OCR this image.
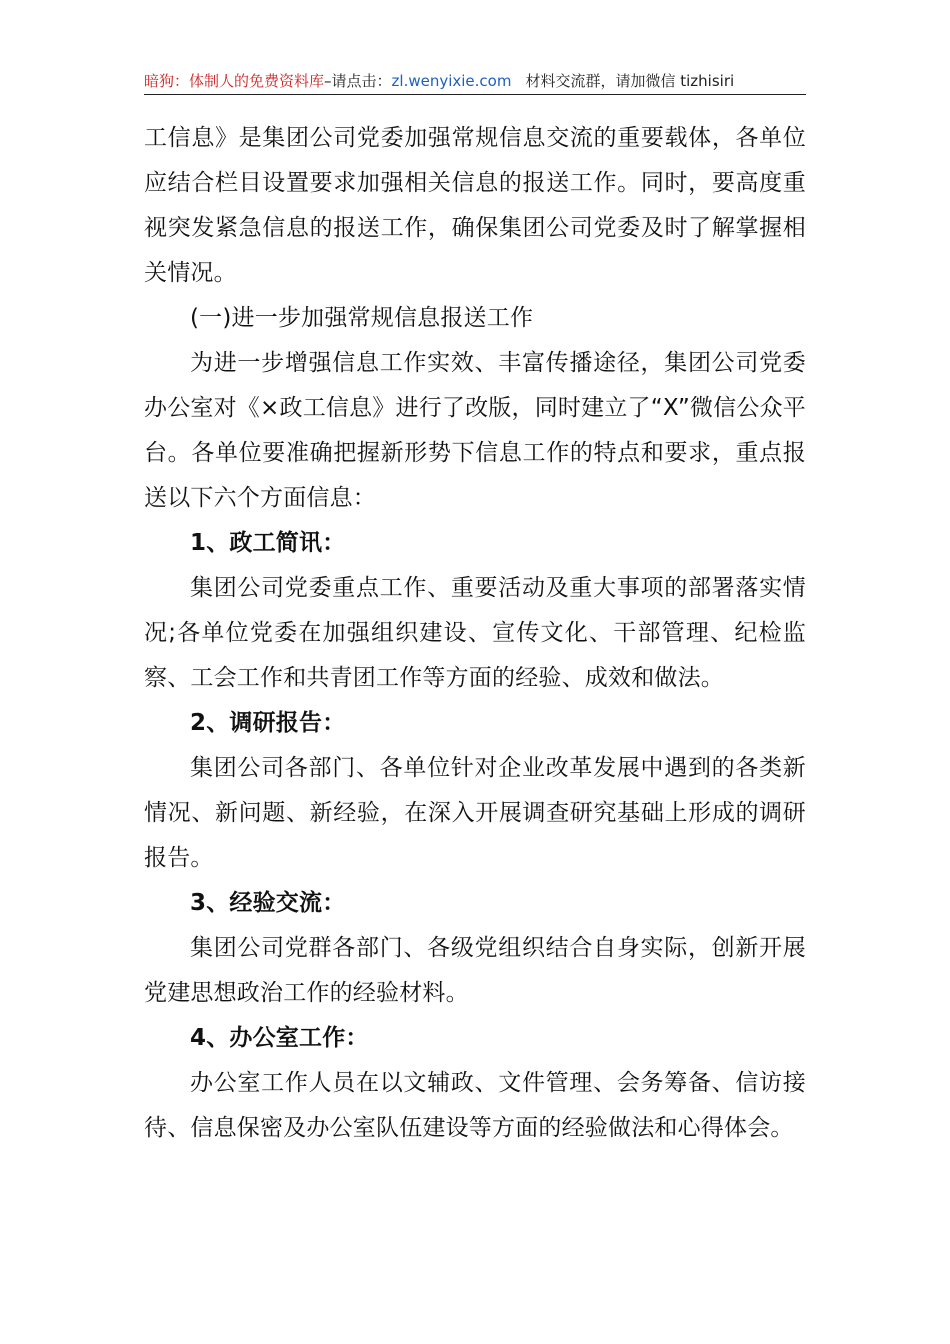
暗狗：体制人的免费资料库–请点击：zl.wenyixie.com 材料交流群，请加微信 tizhisiri

工信息》是集团公司党委加强常规信息交流的重要载体，各单位应结合栏目设置要求加强相关信息的报送工作。同时，要高度重视突发紧急信息的报送工作，确保集团公司党委及时了解掌握相关情况。

(一)进一步加强常规信息报送工作

为进一步增强信息工作实效、丰富传播途径，集团公司党委办公室对《×政工信息》进行了改版，同时建立了“X”微信公众平台。各单位要准确把握新形势下信息工作的特点和要求，重点报送以下六个方面信息：

1、政工简讯：

集团公司党委重点工作、重要活动及重大事项的部署落实情况;各单位党委在加强组织建设、宣传文化、干部管理、纪检监察、工会工作和共青团工作等方面的经验、成效和做法。

2、调研报告：

集团公司各部门、各单位针对企业改革发展中遇到的各类新情况、新问题、新经验，在深入开展调查研究基础上形成的调研报告。

3、经验交流：

集团公司党群各部门、各级党组织结合自身实际，创新开展党建思想政治工作的经验材料。

4、办公室工作：

办公室工作人员在以文辅政、文件管理、会务筹备、信访接待、信息保密及办公室队伍建设等方面的经验做法和心得体会。
